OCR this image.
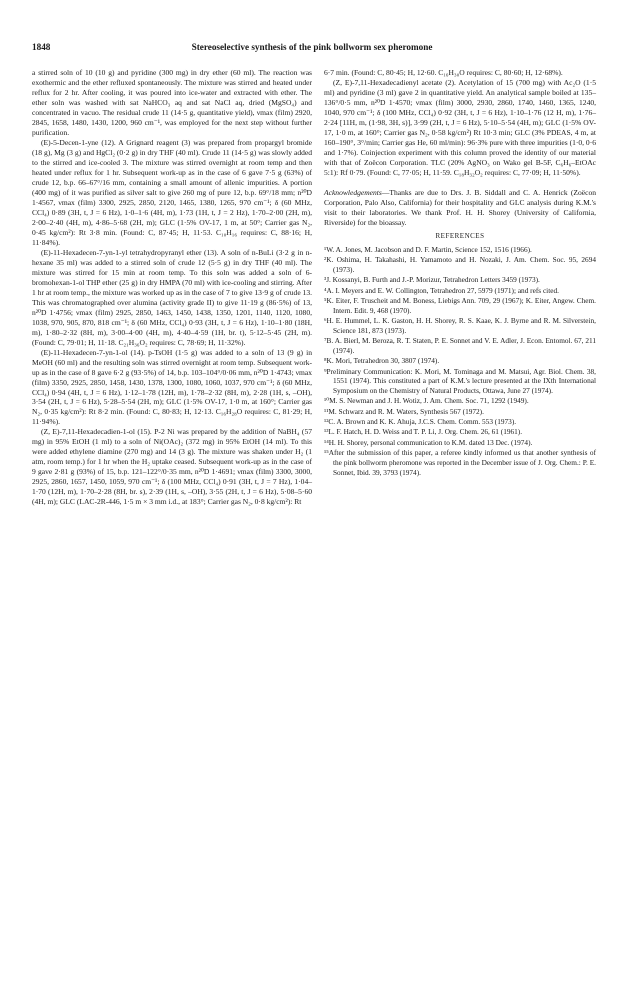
1848	Stereoselective synthesis of the pink bollworm sex pheromone

a stirred soln of 10 (10 g) and pyridine (300 mg) in dry ether (60 ml). The reaction was exothermic and the ether refluxed spontaneously. The mixture was stirred and heated under reflux for 2 hr. After cooling, it was poured into ice-water and extracted with ether. The ether soln was washed with sat NaHCO₃ aq and sat NaCl aq, dried (MgSO₄) and concentrated in vacuo. The residual crude 11 (14·5 g, quantitative yield), νmax (film) 2920, 2845, 1658, 1480, 1430, 1200, 960 cm⁻¹, was employed for the next step without further purification.

(E)-5-Decen-1-yne (12). A Grignard reagent (3) was prepared from propargyl bromide (18 g), Mg (3 g) and HgCl₂ (0·2 g) in dry THF (40 ml). Crude 11 (14·5 g) was slowly added to the stirred and ice-cooled 3. The mixture was stirred overnight at room temp and then heated under reflux for 1 hr. Subsequent work-up as in the case of 6 gave 7·5 g (63%) of crude 12, b.p. 66–67°/16 mm, containing a small amount of allenic impurities. A portion (400 mg) of it was purified as silver salt to give 260 mg of pure 12, b.p. 69°/18 mm; n²⁰D 1·4567, νmax (film) 3300, 2925, 2850, 2120, 1465, 1380, 1265, 970 cm⁻¹; δ (60 MHz, CCl₄) 0·89 (3H, t, J = 6 Hz), 1·0–1·6 (4H, m), 1·73 (1H, t, J = 2 Hz), 1·70–2·00 (2H, m), 2·00–2·40 (4H, m), 4·86–5·68 (2H, m); GLC (1·5% OV-17, 1 m, at 50°; Carrier gas N₂, 0·45 kg/cm²): Rt 3·8 min. (Found: C, 87·45; H, 11·53. C₁₀H₁₆ requires: C, 88·16; H, 11·84%).

(E)-11-Hexadecen-7-yn-1-yl tetrahydropyranyl ether (13). A soln of n-BuLi (3·2 g in n-hexane 35 ml) was added to a stirred soln of crude 12 (5·5 g) in dry THF (40 ml). The mixture was stirred for 15 min at room temp. To this soln was added a soln of 6-bromohexan-1-ol THP ether (25 g) in dry HMPA (70 ml) with ice-cooling and stirring. After 1 hr at room temp., the mixture was worked up as in the case of 7 to give 13·9 g of crude 13. This was chromatographed over alumina (activity grade II) to give 11·19 g (86·5%) of 13, n²⁰D 1·4756; νmax (film) 2925, 2850, 1463, 1450, 1438, 1350, 1201, 1140, 1120, 1080, 1038, 970, 905, 870, 818 cm⁻¹; δ (60 MHz, CCl₄) 0·93 (3H, t, J = 6 Hz), 1·10–1·80 (18H, m), 1·80–2·32 (8H, m), 3·00–4·00 (4H, m), 4·40–4·59 (1H, br. t), 5·12–5·45 (2H, m). (Found: C, 79·01; H, 11·18. C₂₁H₃₆O₂ requires: C, 78·69; H, 11·32%).

(E)-11-Hexadecen-7-yn-1-ol (14). p-TsOH (1·5 g) was added to a soln of 13 (9 g) in MeOH (60 ml) and the resulting soln was stirred overnight at room temp. Subsequent work-up as in the case of 8 gave 6·2 g (93·5%) of 14, b.p. 103–104°/0·06 mm, n²⁰D 1·4743; νmax (film) 3350, 2925, 2850, 1458, 1430, 1378, 1300, 1080, 1060, 1037, 970 cm⁻¹; δ (60 MHz, CCl₄) 0·94 (4H, t, J = 6 Hz), 1·12–1·78 (12H, m), 1·78–2·32 (8H, m), 2·28 (1H, s, –OH), 3·54 (2H, t, J = 6 Hz), 5·28–5·54 (2H, m); GLC (1·5% OV-17, 1·0 m, at 160°; Carrier gas N₂, 0·35 kg/cm²): Rt 8·2 min. (Found: C, 80·83; H, 12·13. C₁₆H₂₈O requires: C, 81·29; H, 11·94%).

(Z, E)-7,11-Hexadecadien-1-ol (15). P-2 Ni was prepared by the addition of NaBH₄ (57 mg) in 95% EtOH (1 ml) to a soln of Ni(OAc)₂ (372 mg) in 95% EtOH (14 ml). To this were added ethylene diamine (270 mg) and 14 (3 g). The mixture was shaken under H₂ (1 atm, room temp.) for 1 hr when the H₂ uptake ceased. Subsequent work-up as in the case of 9 gave 2·81 g (93%) of 15, b.p. 121–122°/0·35 mm, n²⁰D 1·4691; νmax (film) 3300, 3000, 2925, 2860, 1657, 1450, 1059, 970 cm⁻¹; δ (100 MHz, CCl₄) 0·91 (3H, t, J = 7 Hz), 1·04–1·70 (12H, m), 1·70–2·28 (8H, br. s), 2·39 (1H, s, –OH), 3·55 (2H, t, J = 6 Hz), 5·08–5·60 (4H, m); GLC (LAC-2R-446, 1·5 m × 3 mm i.d., at 183°; Carrier gas N₂, 0·8 kg/cm²): Rt

6·7 min. (Found: C, 80·45; H, 12·60. C₁₆H₃₀O requires: C, 80·60; H, 12·68%).

(Z, E)-7,11-Hexadecadienyl acetate (2). Acetylation of 15 (700 mg) with Ac₂O (1·5 ml) and pyridine (3 ml) gave 2 in quantitative yield. An analytical sample boiled at 135–136°/0·5 mm, n²⁰D 1·4570; νmax (film) 3000, 2930, 2860, 1740, 1460, 1365, 1240, 1040, 970 cm⁻¹; δ (100 MHz, CCl₄) 0·92 (3H, t, J = 6 Hz), 1·10–1·76 (12 H, m), 1·76–2·24 [11H, m, (1·98, 3H, s)], 3·99 (2H, t, J = 6 Hz), 5·10–5·54 (4H, m); GLC (1·5% OV-17, 1·0 m, at 160°; Carrier gas N₂, 0·58 kg/cm²) Rt 10·3 min; GLC (3% PDEAS, 4 m, at 160–190°, 3°/min; Carrier gas He, 60 ml/min): 96·3% pure with three impurities (1·0, 0·6 and 1·7%). Coinjection experiment with this column proved the identity of our material with that of Zoëcon Corporation. TLC (20% AgNO₃ on Wako gel B-5F, C₆H₆–EtOAc 5:1): Rf 0·79. (Found: C, 77·05; H, 11·59. C₁₈H₃₂O₂ requires: C, 77·09; H, 11·50%).

Acknowledgements—Thanks are due to Drs. J. B. Siddall and C. A. Henrick (Zoëcon Corporation, Palo Also, California) for their hospitality and GLC analysis during K.M.'s visit to their laboratories. We thank Prof. H. H. Shorey (University of California, Riverside) for the bioassay.

REFERENCES
¹W. A. Jones, M. Jacobson and D. F. Martin, Science 152, 1516 (1966).
²K. Oshima, H. Takahashi, H. Yamamoto and H. Nozaki, J. Am. Chem. Soc. 95, 2694 (1973).
³J. Kossanyi, B. Furth and J.-P. Morizur, Tetrahedron Letters 3459 (1973).
⁴A. I. Meyers and E. W. Collington, Tetrahedron 27, 5979 (1971); and refs cited.
⁵K. Eiter, F. Truscheit and M. Boness, Liebigs Ann. 709, 29 (1967); K. Eiter, Angew. Chem. Intern. Edit. 9, 468 (1970).
⁶H. E. Hummel, L. K. Gaston, H. H. Shorey, R. S. Kaae, K. J. Byrne and R. M. Silverstein, Science 181, 873 (1973).
⁷B. A. Bierl, M. Beroza, R. T. Staten, P. E. Sonnet and V. E. Adler, J. Econ. Entomol. 67, 211 (1974).
⁸K. Mori, Tetrahedron 30, 3807 (1974).
⁹Preliminary Communication: K. Mori, M. Tominaga and M. Matsui, Agr. Biol. Chem. 38, 1551 (1974). This constituted a part of K.M.'s lecture presented at the IXth International Symposium on the Chemistry of Natural Products, Ottawa, June 27 (1974).
¹⁰M. S. Newman and J. H. Wotiz, J. Am. Chem. Soc. 71, 1292 (1949).
¹¹M. Schwarz and R. M. Waters, Synthesis 567 (1972).
¹²C. A. Brown and K. K. Ahuja, J.C.S. Chem. Comm. 553 (1973).
¹³L. F. Hatch, H. D. Weiss and T. P. Li, J. Org. Chem. 26, 61 (1961).
¹⁴H. H. Shorey, personal communication to K.M. dated 13 Dec. (1974).
¹⁵After the submission of this paper, a referee kindly informed us that another synthesis of the pink bollworm pheromone was reported in the December issue of J. Org. Chem.: P. E. Sonnet, Ibid. 39, 3793 (1974).
